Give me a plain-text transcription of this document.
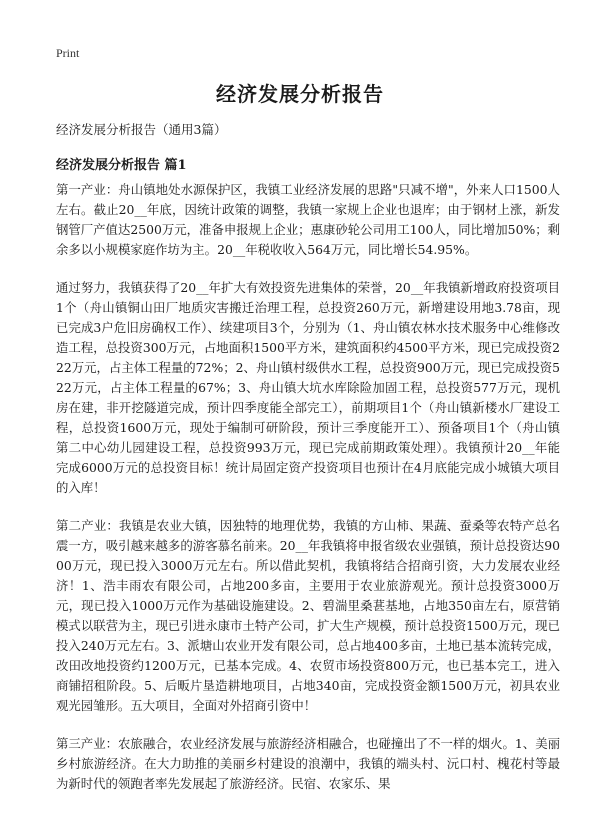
Print
经济发展分析报告

经济发展分析报告（通用3篇）

经济发展分析报告 篇1

第一产业：舟山镇地处水源保护区，我镇工业经济发展的思路"只减不增"，外来人口1500人左右。截止20__年底，因统计政策的调整，我镇一家规上企业也退库；由于钢材上涨，新发钢管厂产值达2500万元，准备申报规上企业；惠康砂轮公司用工100人，同比增加50%；剩余多以小规模家庭作坊为主。20__年税收收入564万元，同比增长54.95%。

通过努力，我镇获得了20__年扩大有效投资先进集体的荣誉，20__年我镇新增政府投资项目1个（舟山镇铜山田厂地质灾害搬迁治理工程，总投资260万元，新增建设用地3.78亩，现已完成3户危旧房确权工作）、续建项目3个，分别为（1、舟山镇农林水技术服务中心维修改造工程，总投资300万元，占地面积1500平方米，建筑面积约4500平方米，现已完成投资222万元，占主体工程量的72%；2、舟山镇村级供水工程，总投资900万元，现已完成投资522万元，占主体工程量的67%；3、舟山镇大坑水库除险加固工程，总投资577万元，现机房在建，非开挖隧道完成，预计四季度能全部完工），前期项目1个（舟山镇新楼水厂建设工程，总投资1600万元，现处于编制可研阶段，预计三季度能开工）、预备项目1个（舟山镇第二中心幼儿园建设工程，总投资993万元，现已完成前期政策处理）。我镇预计20__年能完成6000万元的总投资目标！统计局固定资产投资项目也预计在4月底能完成小城镇大项目的入库！

第二产业：我镇是农业大镇，因独特的地理优势，我镇的方山柿、果蔬、蚕桑等农特产总名震一方，吸引越来越多的游客慕名前来。20__年我镇将申报省级农业强镇，预计总投资达9000万元，现已投入3000万元左右。所以借此契机，我镇将结合招商引资，大力发展农业经济！1、浩丰雨农有限公司，占地200多亩，主要用于农业旅游观光。预计总投资3000万元，现已投入1000万元作为基础设施建设。2、碧湍里桑葚基地，占地350亩左右，原营销模式以联营为主，现已引进永康市土特产公司，扩大生产规模，预计总投资1500万元，现已投入240万元左右。3、派塘山农业开发有限公司，总占地400多亩，土地已基本流转完成，改田改地投资约1200万元，已基本完成。4、农贸市场投资800万元，也已基本完工，进入商铺招租阶段。5、后畈片垦造耕地项目，占地340亩，完成投资金额1500万元，初具农业观光园雏形。五大项目，全面对外招商引资中！

第三产业：农旅融合，农业经济发展与旅游经济相融合，也碰撞出了不一样的烟火。1、美丽乡村旅游经济。在大力助推的美丽乡村建设的浪潮中，我镇的端头村、沅口村、槐花村等最为新时代的领跑者率先发展起了旅游经济。民宿、农家乐、果
